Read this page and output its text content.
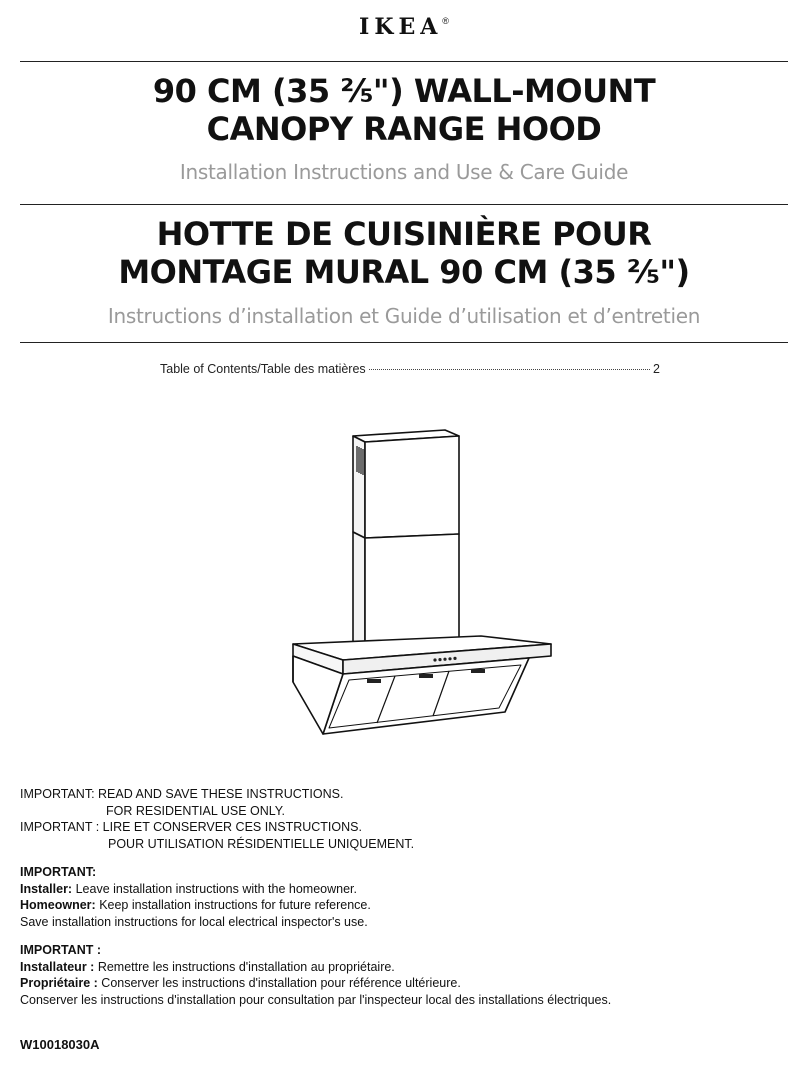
IKEA®
90 CM (35 ⅖") WALL-MOUNT
CANOPY RANGE HOOD
Installation Instructions and Use & Care Guide
HOTTE DE CUISINIÈRE POUR
MONTAGE MURAL 90 CM (35 ⅖")
Instructions d’installation et Guide d’utilisation et d’entretien
Table of Contents/Table des matières	2
IMPORTANT: READ AND SAVE THESE INSTRUCTIONS.
FOR RESIDENTIAL USE ONLY.
IMPORTANT : LIRE ET CONSERVER CES INSTRUCTIONS.
POUR UTILISATION RÉSIDENTIELLE UNIQUEMENT.
IMPORTANT:
Installer: Leave installation instructions with the homeowner.
Homeowner: Keep installation instructions for future reference.
Save installation instructions for local electrical inspector's use.
IMPORTANT :
Installateur : Remettre les instructions d'installation au propriétaire.
Propriétaire : Conserver les instructions d'installation pour référence ultérieure.
Conserver les instructions d'installation pour consultation par l'inspecteur local des installations électriques.
W10018030A
